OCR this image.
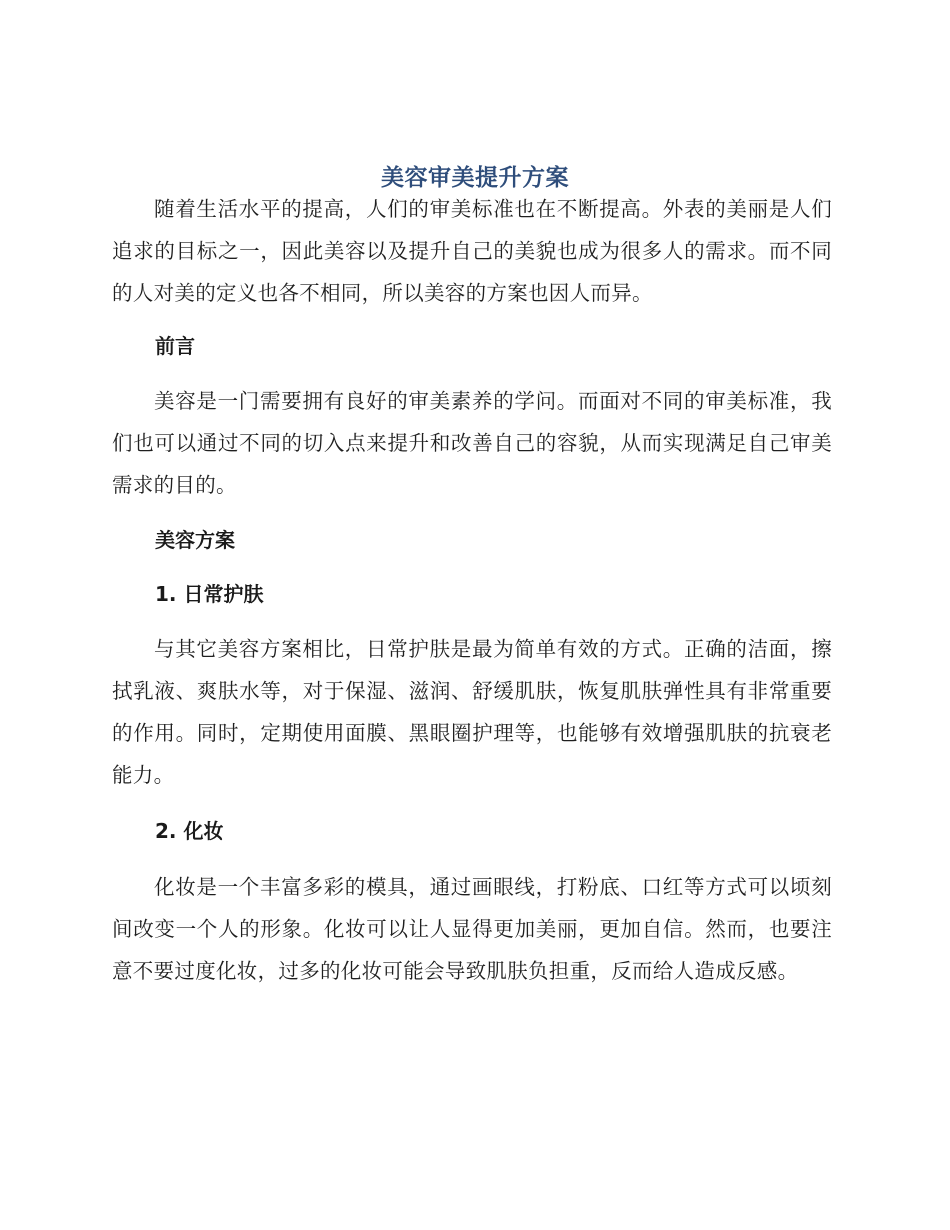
美容审美提升方案

随着生活水平的提高，人们的审美标准也在不断提高。外表的美丽是人们追求的目标之一，因此美容以及提升自己的美貌也成为很多人的需求。而不同的人对美的定义也各不相同，所以美容的方案也因人而异。

前言

美容是一门需要拥有良好的审美素养的学问。而面对不同的审美标准，我们也可以通过不同的切入点来提升和改善自己的容貌，从而实现满足自己审美需求的目的。

美容方案
1. 日常护肤

与其它美容方案相比，日常护肤是最为简单有效的方式。正确的洁面，擦拭乳液、爽肤水等，对于保湿、滋润、舒缓肌肤，恢复肌肤弹性具有非常重要的作用。同时，定期使用面膜、黑眼圈护理等，也能够有效增强肌肤的抗衰老能力。

2. 化妆

化妆是一个丰富多彩的模具，通过画眼线，打粉底、口红等方式可以顷刻间改变一个人的形象。化妆可以让人显得更加美丽，更加自信。然而，也要注意不要过度化妆，过多的化妆可能会导致肌肤负担重，反而给人造成反感。
